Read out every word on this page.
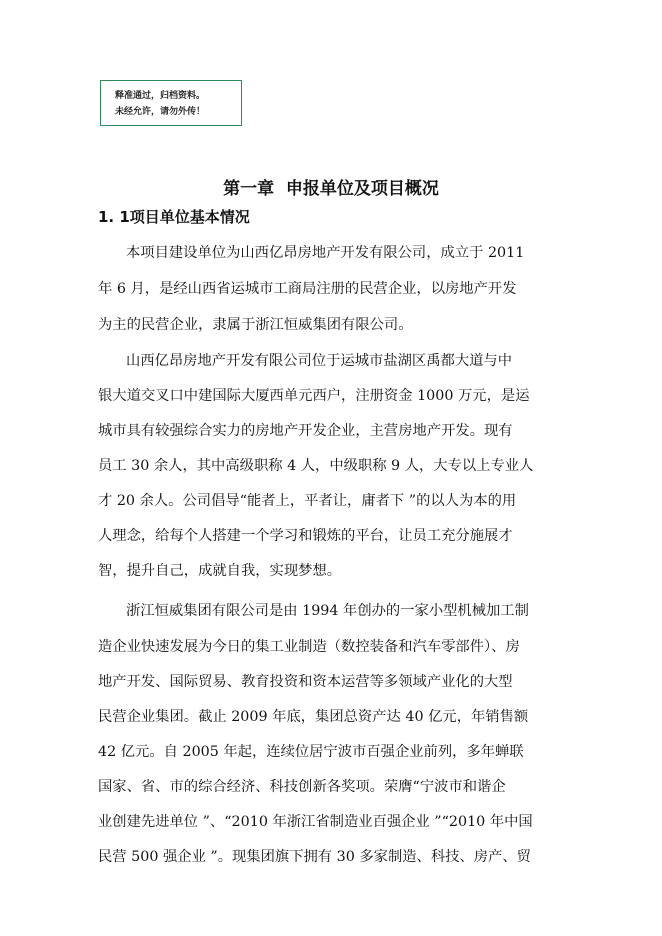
释准通过，归档资料。
未经允许，请勿外传！
第一章  申报单位及项目概况
1. 1项目单位基本情况
本项目建设单位为山西亿昂房地产开发有限公司，成立于 2011
年 6 月，是经山西省运城市工商局注册的民营企业，以房地产开发
为主的民营企业，隶属于浙江恒威集团有限公司。
山西亿昂房地产开发有限公司位于运城市盐湖区禹都大道与中
银大道交叉口中建国际大厦西单元西户，注册资金 1000 万元，是运
城市具有较强综合实力的房地产开发企业，主营房地产开发。现有
员工 30 余人，其中高级职称 4 人，中级职称 9 人，大专以上专业人
才 20 余人。公司倡导“能者上，平者让，庸者下 ”的以人为本的用
人理念，给每个人搭建一个学习和锻炼的平台，让员工充分施展才
智，提升自己，成就自我，实现梦想。
浙江恒威集团有限公司是由 1994 年创办的一家小型机械加工制
造企业快速发展为今日的集工业制造（数控装备和汽车零部件）、房
地产开发、国际贸易、教育投资和资本运营等多领域产业化的大型
民营企业集团。截止 2009 年底，集团总资产达 40 亿元，年销售额
42 亿元。自 2005 年起，连续位居宁波市百强企业前列，多年蝉联
国家、省、市的综合经济、科技创新各奖项。荣膺“宁波市和谐企
业创建先进单位 ”、“2010 年浙江省制造业百强企业 ”“2010 年中国
民营 500 强企业 ”。现集团旗下拥有 30 多家制造、科技、房产、贸
